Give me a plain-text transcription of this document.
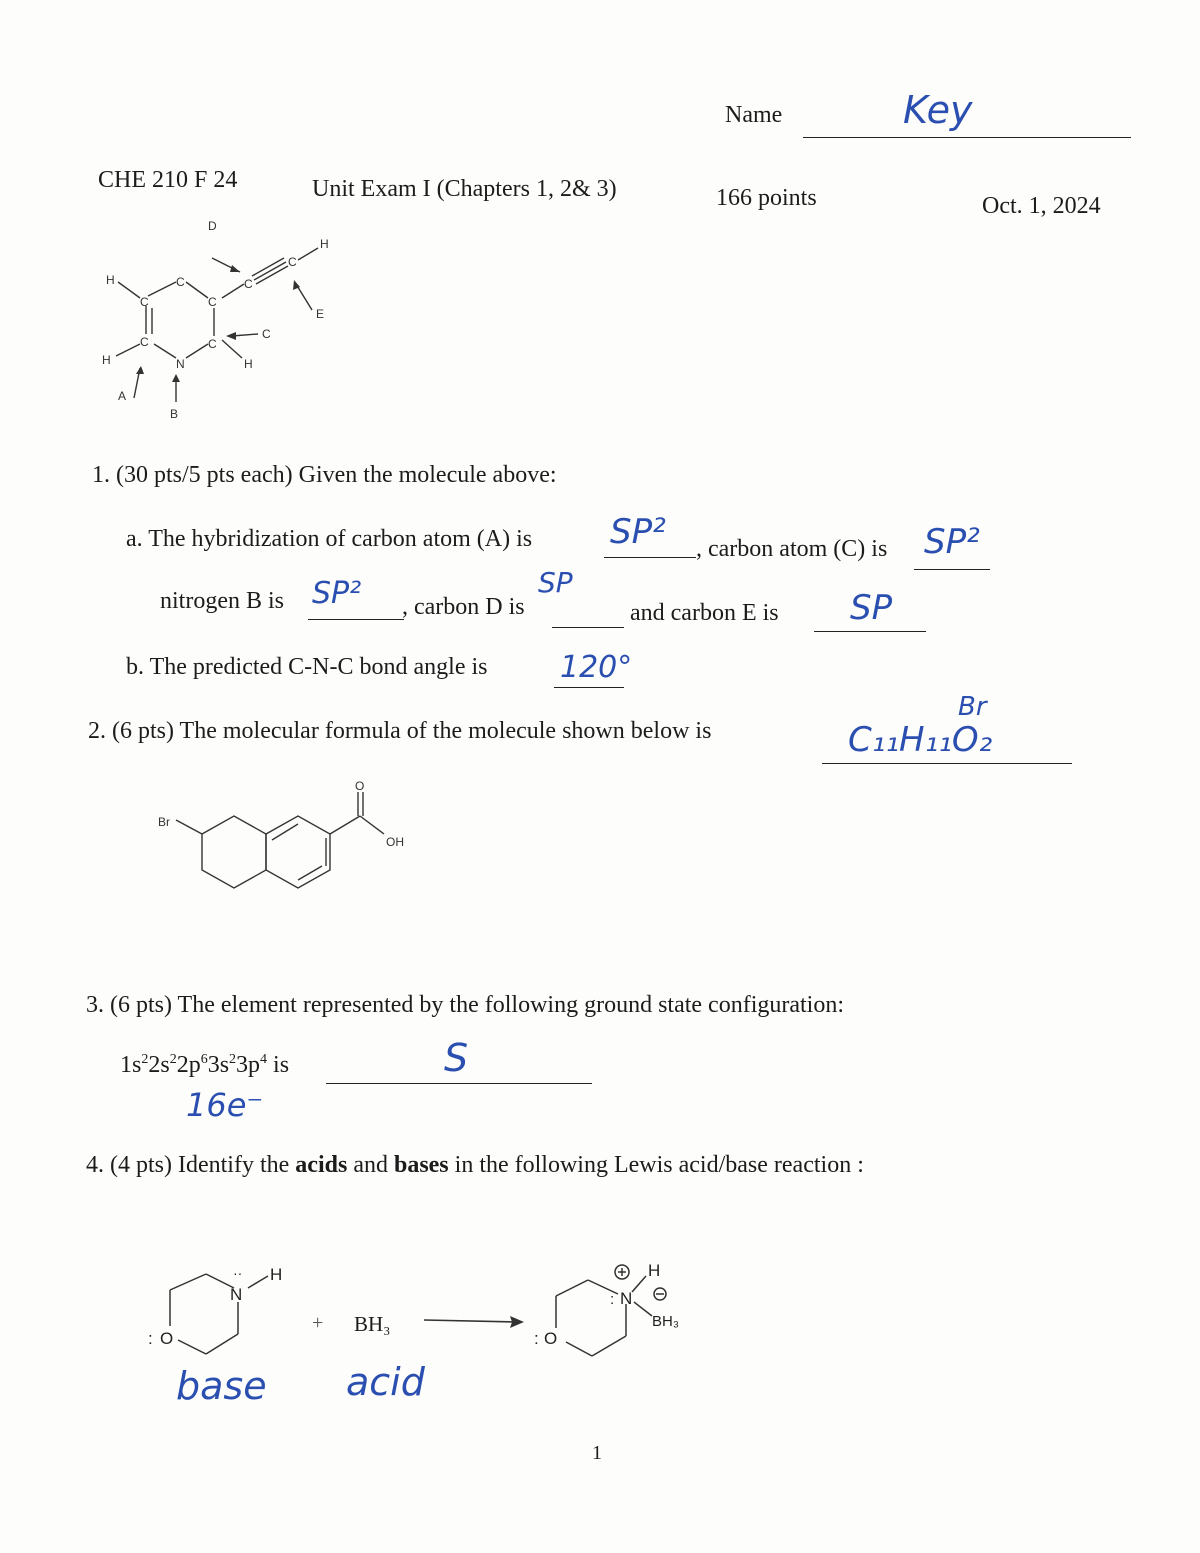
Name	Key
CHE 210 F 24	Unit Exam I (Chapters 1, 2& 3)	166 points	Oct. 1, 2024
H
C
C
C
C
N
C
H	H
C
C
H
D
E
C
A
B
1. (30 pts/5 pts each) Given the molecule above:
a. The hybridization of carbon atom (A) is SP² , carbon atom (C) is SP²
nitrogen B is SP² , carbon D is
SP
and carbon E is SP
b. The predicted C-N-C bond angle is 120°
2. (6 pts) The molecular formula of the molecule shown below is	C₁₁H₁₁O₂
Br
Br
O
OH
3. (6 pts) The element represented by the following ground state configuration:
$1s^22s^22p^63s^23p^4$ is	S
16e⁻
4. (4 pts) Identify the acids and bases in the following Lewis acid/base reaction :
N
·· H
: O
+ BH₃
N
:
H
BH₃
: O
base acid
1
